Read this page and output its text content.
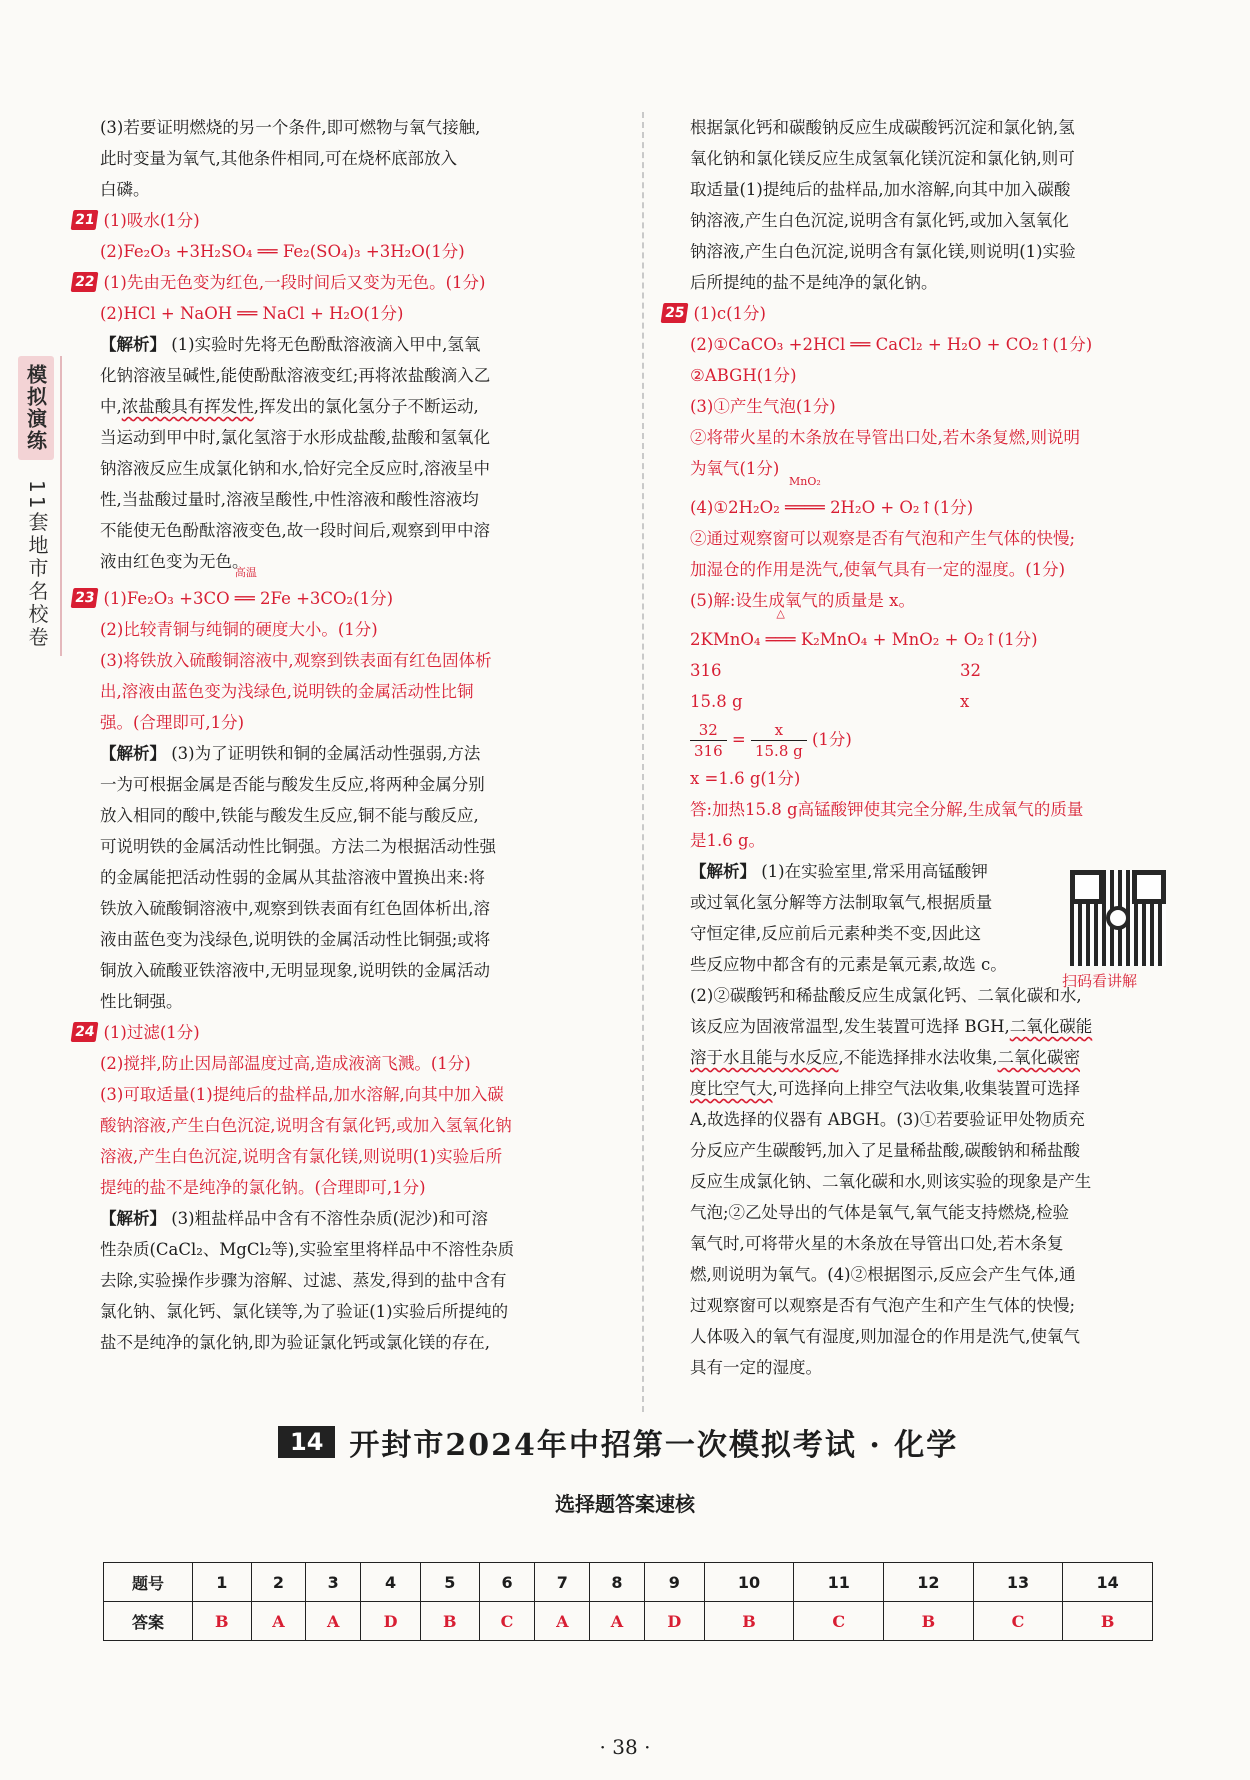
模拟演练
11套地市名校卷
(3)若要证明燃烧的另一个条件,即可燃物与氧气接触,
此时变量为氧气,其他条件相同,可在烧杯底部放入
白磷。
21 (1)吸水(1分)
(2)Fe₂O₃ +3H₂SO₄ ══ Fe₂(SO₄)₃ +3H₂O(1分)
22 (1)先由无色变为红色,一段时间后又变为无色。(1分)
(2)HCl + NaOH ══ NaCl + H₂O(1分)
【解析】 (1)实验时先将无色酚酞溶液滴入甲中,氢氧
化钠溶液呈碱性,能使酚酞溶液变红;再将浓盐酸滴入乙
中,浓盐酸具有挥发性,挥发出的氯化氢分子不断运动,
当运动到甲中时,氯化氢溶于水形成盐酸,盐酸和氢氧化
钠溶液反应生成氯化钠和水,恰好完全反应时,溶液呈中
性,当盐酸过量时,溶液呈酸性,中性溶液和酸性溶液均
不能使无色酚酞溶液变色,故一段时间后,观察到甲中溶
液由红色变为无色。
23 (1)Fe₂O₃ +3CO
高温
══ 2Fe +3CO₂(1分)
(2)比较青铜与纯铜的硬度大小。(1分)
(3)将铁放入硫酸铜溶液中,观察到铁表面有红色固体析
出,溶液由蓝色变为浅绿色,说明铁的金属活动性比铜
强。(合理即可,1分)
【解析】 (3)为了证明铁和铜的金属活动性强弱,方法
一为可根据金属是否能与酸发生反应,将两种金属分别
放入相同的酸中,铁能与酸发生反应,铜不能与酸反应,
可说明铁的金属活动性比铜强。方法二为根据活动性强
的金属能把活动性弱的金属从其盐溶液中置换出来:将
铁放入硫酸铜溶液中,观察到铁表面有红色固体析出,溶
液由蓝色变为浅绿色,说明铁的金属活动性比铜强;或将
铜放入硫酸亚铁溶液中,无明显现象,说明铁的金属活动
性比铜强。
24 (1)过滤(1分)
(2)搅拌,防止因局部温度过高,造成液滴飞溅。(1分)
(3)可取适量(1)提纯后的盐样品,加水溶解,向其中加入碳
酸钠溶液,产生白色沉淀,说明含有氯化钙,或加入氢氧化钠
溶液,产生白色沉淀,说明含有氯化镁,则说明(1)实验后所
提纯的盐不是纯净的氯化钠。(合理即可,1分)
【解析】 (3)粗盐样品中含有不溶性杂质(泥沙)和可溶
性杂质(CaCl₂、MgCl₂等),实验室里将样品中不溶性杂质
去除,实验操作步骤为溶解、过滤、蒸发,得到的盐中含有
氯化钠、氯化钙、氯化镁等,为了验证(1)实验后所提纯的
盐不是纯净的氯化钠,即为验证氯化钙或氯化镁的存在,
根据氯化钙和碳酸钠反应生成碳酸钙沉淀和氯化钠,氢
氧化钠和氯化镁反应生成氢氧化镁沉淀和氯化钠,则可
取适量(1)提纯后的盐样品,加水溶解,向其中加入碳酸
钠溶液,产生白色沉淀,说明含有氯化钙,或加入氢氧化
钠溶液,产生白色沉淀,说明含有氯化镁,则说明(1)实验
后所提纯的盐不是纯净的氯化钠。
25 (1)c(1分)
(2)①CaCO₃ +2HCl ══ CaCl₂ + H₂O + CO₂↑(1分)
②ABGH(1分)
(3)①产生气泡(1分)
②将带火星的木条放在导管出口处,若木条复燃,则说明
为氧气(1分)
(4)①2H₂O₂
MnO₂
════ 2H₂O + O₂↑(1分)
②通过观察窗可以观察是否有气泡和产生气体的快慢;
加湿仓的作用是洗气,使氧气具有一定的湿度。(1分)
(5)解:设生成氧气的质量是 x。
2KMnO₄
△
═══ K₂MnO₄ + MnO₂ + O₂↑(1分)
316	32
15.8 g	x
$\frac{32}{316} = \frac{x}{15.8 g} (1$分)
x =1.6 g(1分)
答:加热15.8 g高锰酸钾使其完全分解,生成氧气的质量
是1.6 g。
【解析】 (1)在实验室里,常采用高锰酸钾
或过氧化氢分解等方法制取氧气,根据质量
守恒定律,反应前后元素种类不变,因此这
些反应物中都含有的元素是氧元素,故选 c。
(2)②碳酸钙和稀盐酸反应生成氯化钙、二氧化碳和水,
该反应为固液常温型,发生装置可选择 BGH,二氧化碳能
溶于水且能与水反应,不能选择排水法收集,二氧化碳密
度比空气大,可选择向上排空气法收集,收集装置可选择
A,故选择的仪器有 ABGH。(3)①若要验证甲处物质充
分反应产生碳酸钙,加入了足量稀盐酸,碳酸钠和稀盐酸
反应生成氯化钠、二氧化碳和水,则该实验的现象是产生
气泡;②乙处导出的气体是氧气,氧气能支持燃烧,检验
氧气时,可将带火星的木条放在导管出口处,若木条复
燃,则说明为氧气。(4)②根据图示,反应会产生气体,通
过观察窗可以观察是否有气泡产生和产生气体的快慢;
人体吸入的氧气有湿度,则加湿仓的作用是洗气,使氧气
具有一定的湿度。
扫码看讲解
14 开封市2024年中招第一次模拟考试 · 化学
选择题答案速核
题号	1	2	3	4	5	6	7	8	9	10	11	12	13	14
答案	B	A	A	D	B	C	A	A	D	B	C	B	C	B
· 38 ·
